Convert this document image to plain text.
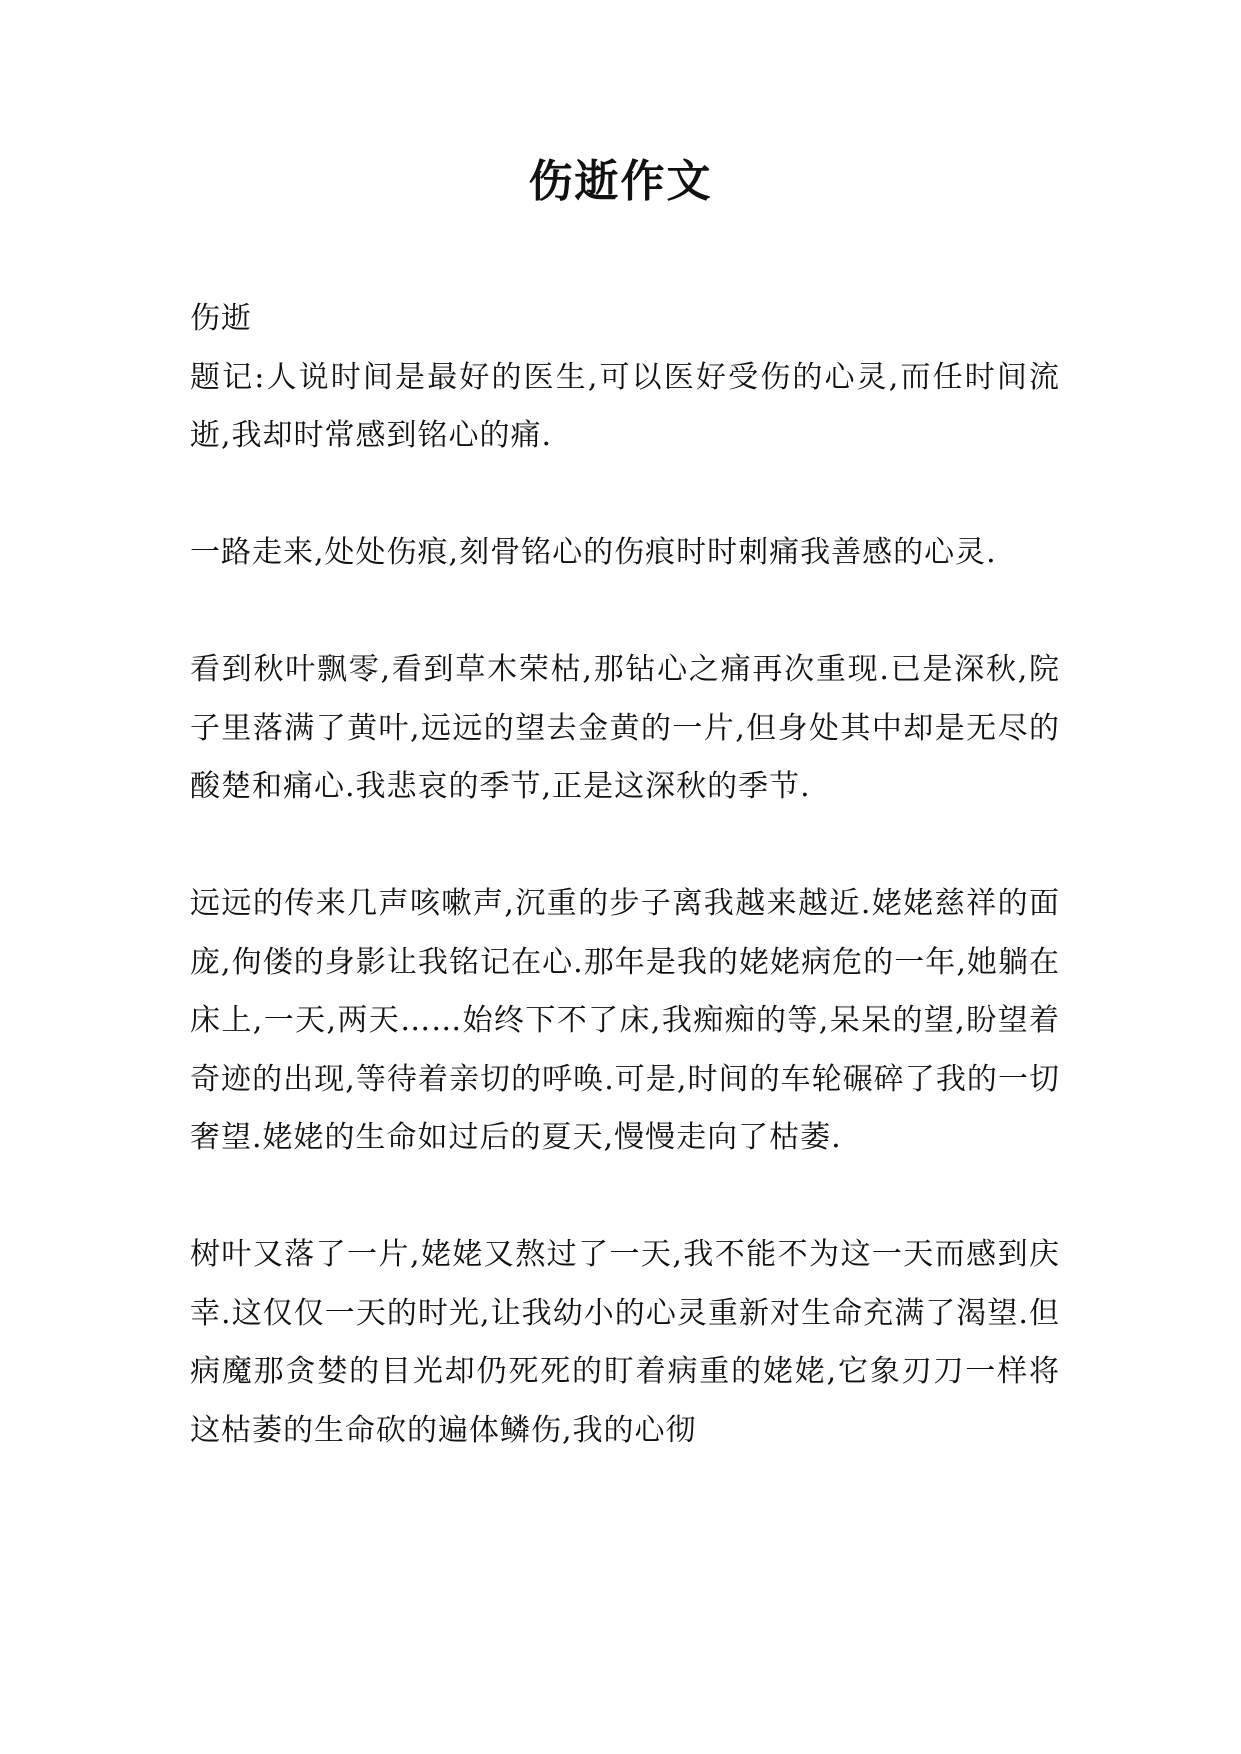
伤逝作文

伤逝

题记:人说时间是最好的医生,可以医好受伤的心灵,而任时间流逝,我却时常感到铭心的痛.

一路走来,处处伤痕,刻骨铭心的伤痕时时刺痛我善感的心灵.

看到秋叶飘零,看到草木荣枯,那钻心之痛再次重现.已是深秋,院子里落满了黄叶,远远的望去金黄的一片,但身处其中却是无尽的酸楚和痛心.我悲哀的季节,正是这深秋的季节.

远远的传来几声咳嗽声,沉重的步子离我越来越近.姥姥慈祥的面庞,佝偻的身影让我铭记在心.那年是我的姥姥病危的一年,她躺在床上,一天,两天……始终下不了床,我痴痴的等,呆呆的望,盼望着奇迹的出现,等待着亲切的呼唤.可是,时间的车轮碾碎了我的一切奢望.姥姥的生命如过后的夏天,慢慢走向了枯萎.

树叶又落了一片,姥姥又熬过了一天,我不能不为这一天而感到庆幸.这仅仅一天的时光,让我幼小的心灵重新对生命充满了渴望.但病魔那贪婪的目光却仍死死的盯着病重的姥姥,它象刃刀一样将这枯萎的生命砍的遍体鳞伤,我的心彻
